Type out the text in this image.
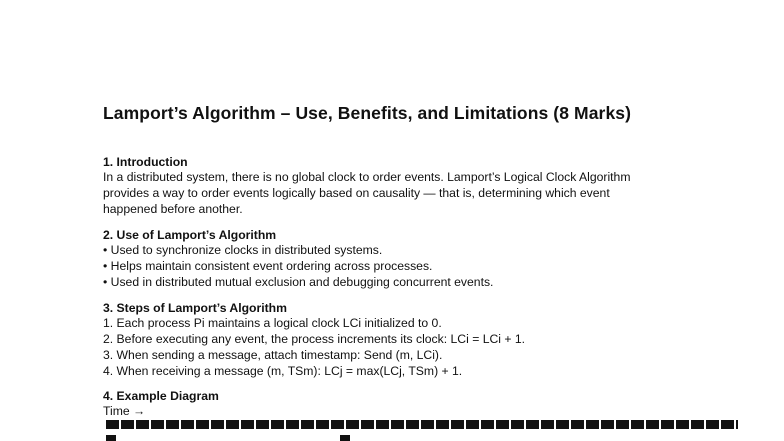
Lamport’s Algorithm – Use, Benefits, and Limitations (8 Marks)
1. Introduction
In a distributed system, there is no global clock to order events. Lamport’s Logical Clock Algorithm
provides a way to order events logically based on causality — that is, determining which event
happened before another.
2. Use of Lamport’s Algorithm
• Used to synchronize clocks in distributed systems.
• Helps maintain consistent event ordering across processes.
• Used in distributed mutual exclusion and debugging concurrent events.
3. Steps of Lamport’s Algorithm
1. Each process Pi maintains a logical clock LCi initialized to 0.
2. Before executing any event, the process increments its clock: LCi = LCi + 1.
3. When sending a message, attach timestamp: Send (m, LCi).
4. When receiving a message (m, TSm): LCj = max(LCj, TSm) + 1.
4. Example Diagram
Time →
